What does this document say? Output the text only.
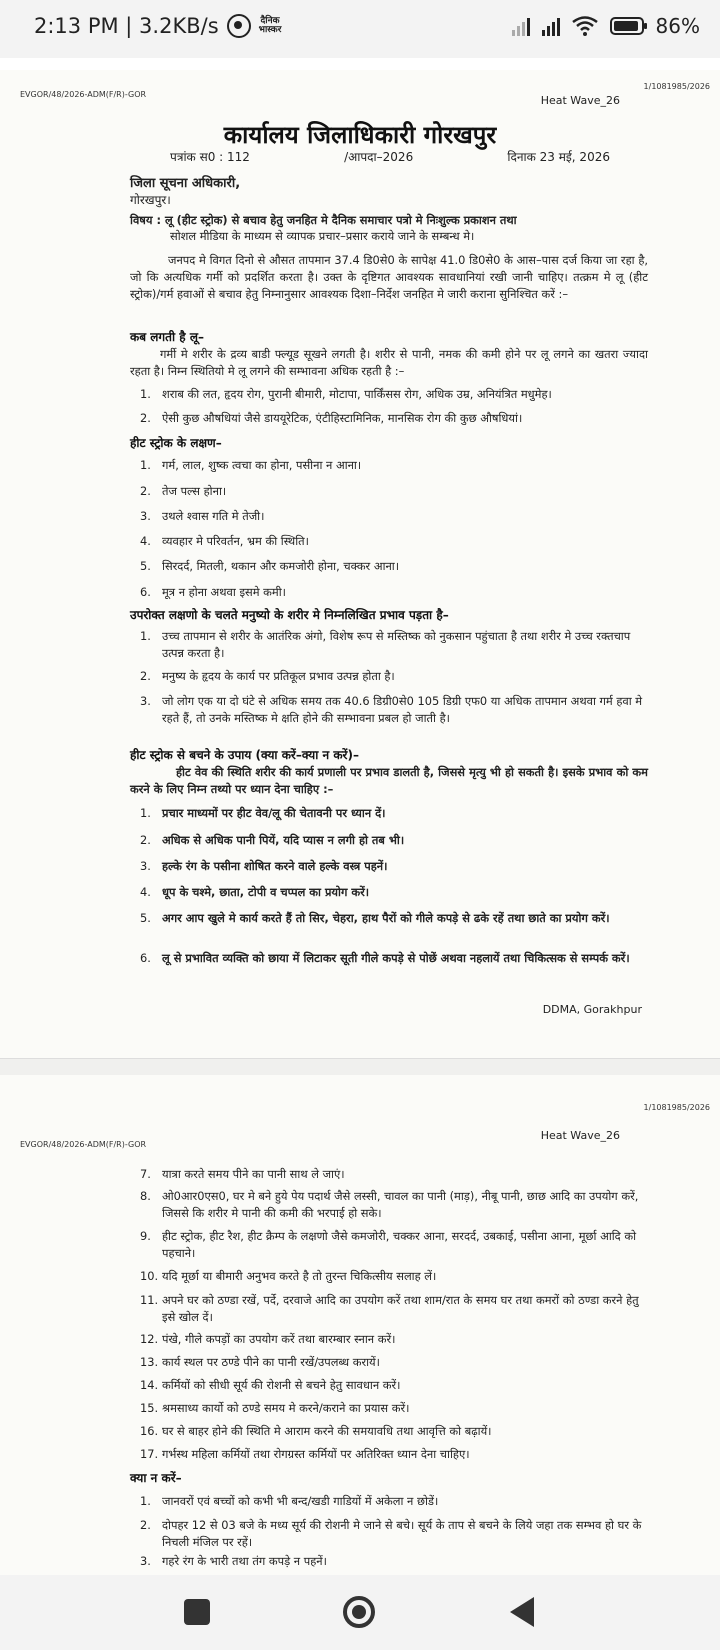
2:13 PM | 3.2KB/s	दैनिक
भास्कर	86%
EVGOR/48/2026-ADM(F/R)-GOR
1/1081985/2026
Heat Wave_26
कार्यालय जिलाधिकारी गोरखपुर
पत्रांक स0 : 112	/आपदा–2026	दिनाक 23 मई, 2026
जिला सूचना अधिकारी,
गोरखपुर।
विषय : लू (हीट स्ट्रोक) से बचाव हेतु जनहित मे दैनिक समाचार पत्रो मे निःशुल्क प्रकाशन तथा
सोशल मीडिया के माध्यम से व्यापक प्रचार–प्रसार कराये जाने के सम्बन्ध मे।
जनपद मे विगत दिनो से औसत तापमान 37.4 डि0से0 के सापेक्ष 41.0 डि0से0 के आस–पास दर्ज किया जा रहा है, जो कि अत्यधिक गर्मी को प्रदर्शित करता है। उक्त के दृष्टिगत आवश्यक सावधानियां रखी जानी चाहिए। तत्क्रम मे लू (हीट स्ट्रोक)/गर्म हवाओं से बचाव हेतु निम्नानुसार आवश्यक दिशा–निर्देश जनहित मे जारी कराना सुनिश्चित करें :–
कब लगती है लू–
गर्मी मे शरीर के द्रव्य बाडी फ्ल्यूड सूखने लगती है। शरीर से पानी, नमक की कमी होने पर लू लगने का खतरा ज्यादा रहता है। निम्न स्थितियो मे लू लगने की सम्भावना अधिक रहती है :–
1. शराब की लत, हृदय रोग, पुरानी बीमारी, मोटापा, पार्किंसस रोग, अधिक उम्र, अनियंत्रित मधुमेह।
2. ऐसी कुछ औषधियां जैसे डाययूरेटिक, एंटीहिस्टामिनिक, मानसिक रोग की कुछ औषधियां।
हीट स्ट्रोक के लक्षण–
1. गर्म, लाल, शुष्क त्वचा का होना, पसीना न आना।
2. तेज पल्स होना।
3. उथले श्वास गति मे तेजी।
4. व्यवहार मे परिवर्तन, भ्रम की स्थिति।
5. सिरदर्द, मितली, थकान और कमजोरी होना, चक्कर आना।
6. मूत्र न होना अथवा इसमे कमी।
उपरोक्त लक्षणो के चलते मनुष्यो के शरीर मे निम्नलिखित प्रभाव पड़ता है–
1. उच्च तापमान से शरीर के आतंरिक अंगो, विशेष रूप से मस्तिष्क को नुकसान पहुंचाता है तथा शरीर मे उच्च रक्तचाप उत्पन्न करता है।
2. मनुष्य के हृदय के कार्य पर प्रतिकूल प्रभाव उत्पन्न होता है।
3. जो लोग एक या दो घंटे से अधिक समय तक 40.6 डिग्री0से0 105 डिग्री एफ0 या अधिक तापमान अथवा गर्म हवा मे रहते हैं, तो उनके मस्तिष्क मे क्षति होने की सम्भावना प्रबल हो जाती है।
हीट स्ट्रोक से बचने के उपाय (क्या करें–क्या न करें)–
हीट वेव की स्थिति शरीर की कार्य प्रणाली पर प्रभाव डालती है, जिससे मृत्यु भी हो सकती है। इसके प्रभाव को कम करने के लिए निम्न तथ्यो पर ध्यान देना चाहिए :–
1. प्रचार माध्यमों पर हीट वेव/लू की चेतावनी पर ध्यान दें।
2. अधिक से अधिक पानी पियें, यदि प्यास न लगी हो तब भी।
3. हल्के रंग के पसीना शोषित करने वाले हल्के वस्त्र पहनें।
4. धूप के चश्मे, छाता, टोपी व चप्पल का प्रयोग करें।
5. अगर आप खुले मे कार्य करते हैं तो सिर, चेहरा, हाथ पैरों को गीले कपड़े से ढके रहें तथा छाते का प्रयोग करें।
6. लू से प्रभावित व्यक्ति को छाया में लिटाकर सूती गीले कपड़े से पोछें अथवा नहलायें तथा चिकित्सक से सम्पर्क करें।
DDMA, Gorakhpur
1/1081985/2026
EVGOR/48/2026-ADM(F/R)-GOR
Heat Wave_26
7. यात्रा करते समय पीने का पानी साथ ले जाएं।
8. ओ0आर0एस0, घर मे बने हुये पेय पदार्थ जैसे लस्सी, चावल का पानी (माड़), नीबू पानी, छाछ आदि का उपयोग करें, जिससे कि शरीर मे पानी की कमी की भरपाई हो सके।
9. हीट स्ट्रोक, हीट रैश, हीट क्रैम्प के लक्षणो जैसे कमजोरी, चक्कर आना, सरदर्द, उबकाई, पसीना आना, मूर्छा आदि को पहचाने।
10. यदि मूर्छा या बीमारी अनुभव करते है तो तुरन्त चिकित्सीय सलाह लें।
11. अपने घर को ठण्डा रखें, पर्दे, दरवाजे आदि का उपयोग करें तथा शाम/रात के समय घर तथा कमरों को ठण्डा करने हेतु इसे खोल दें।
12. पंखे, गीले कपड़ों का उपयोग करें तथा बारम्बार स्नान करें।
13. कार्य स्थल पर ठण्डे पीने का पानी रखें/उपलब्ध करायें।
14. कर्मियों को सीधी सूर्य की रोशनी से बचने हेतु सावधान करें।
15. श्रमसाध्य कार्यो को ठण्डे समय मे करने/कराने का प्रयास करें।
16. घर से बाहर होने की स्थिति मे आराम करने की समयावधि तथा आवृत्ति को बढ़ायें।
17. गर्भस्थ महिला कर्मियों तथा रोगग्रस्त कर्मियों पर अतिरिक्त ध्यान देना चाहिए।
क्या न करें–
1. जानवरों एवं बच्चों को कभी भी बन्द/खडी गाडियों में अकेला न छोडें।
2. दोपहर 12 से 03 बजे के मध्य सूर्य की रोशनी मे जाने से बचे। सूर्य के ताप से बचने के लिये जहा तक सम्भव हो घर के निचली मंजिल पर रहें।
3. गहरे रंग के भारी तथा तंग कपड़े न पहनें।
